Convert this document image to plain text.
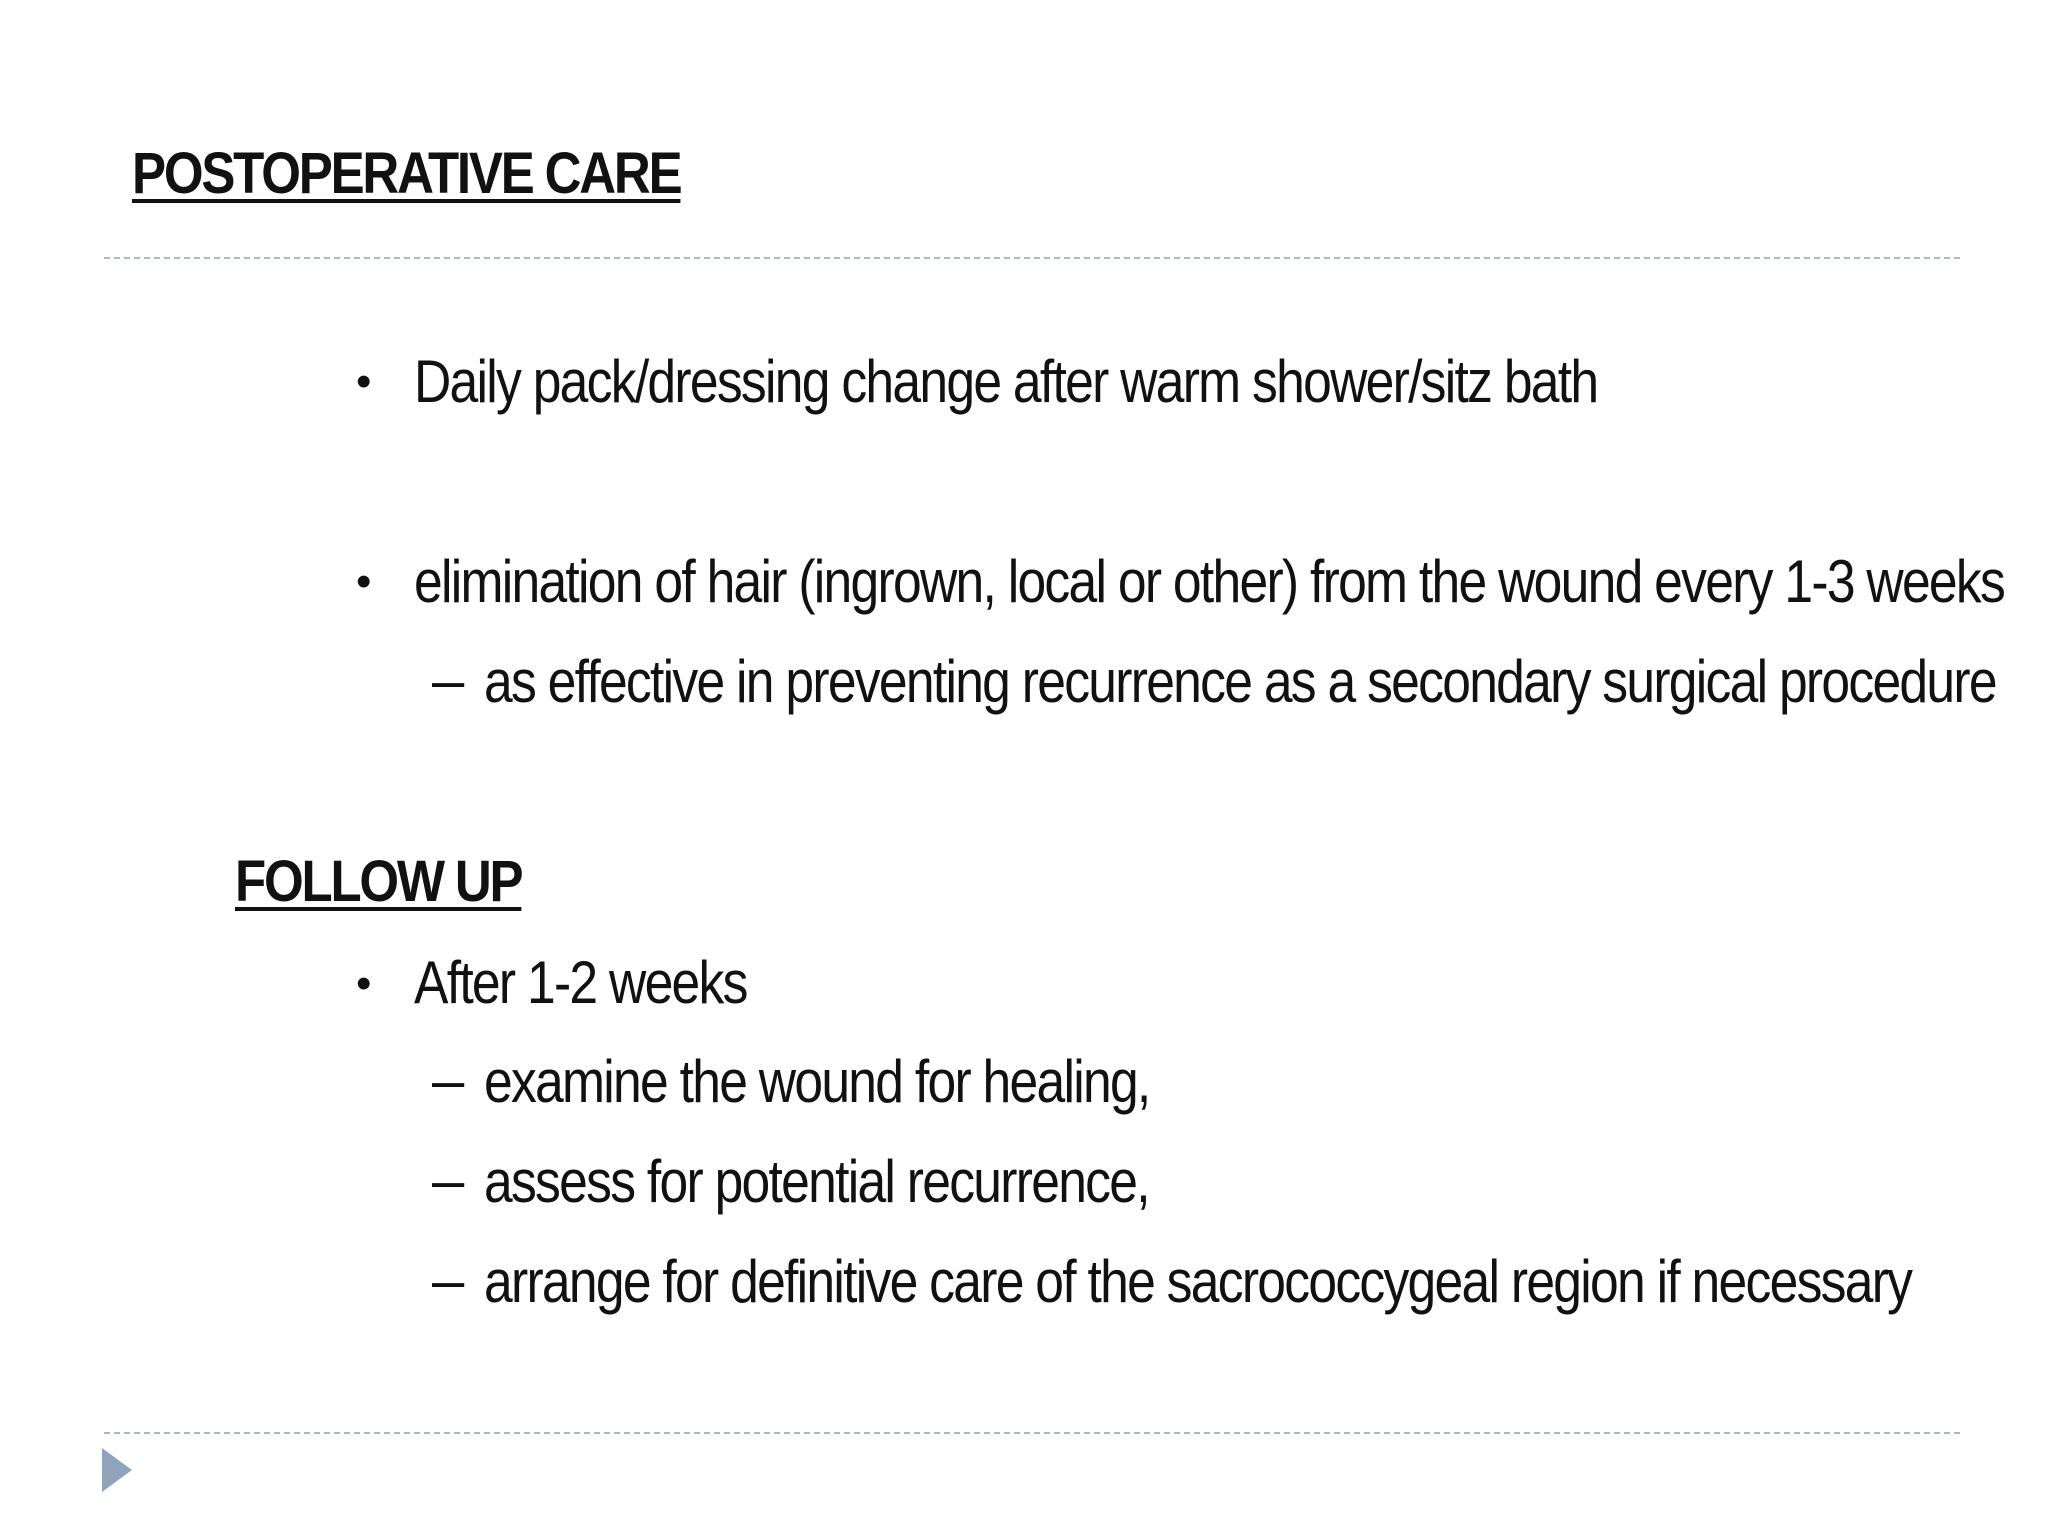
POSTOPERATIVE CARE
• Daily pack/dressing change after warm shower/sitz bath
• elimination of hair (ingrown, local or other) from the wound every 1-3 weeks
– as effective in preventing recurrence as a secondary surgical procedure
FOLLOW UP
• After 1-2 weeks
– examine the wound for healing,
– assess for potential recurrence,
– arrange for definitive care of the sacrococcygeal region if necessary
